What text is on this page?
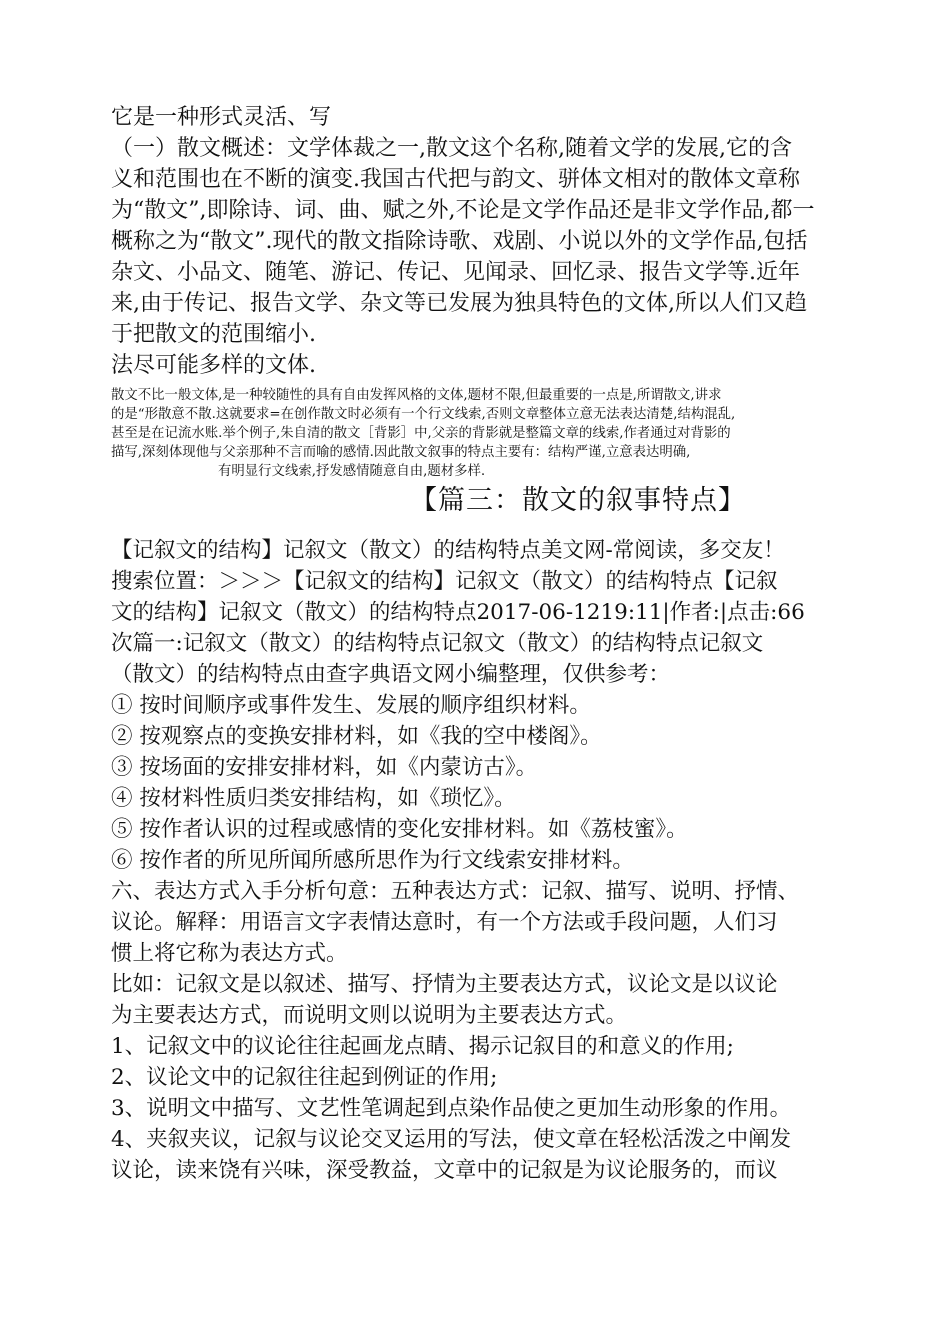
它是一种形式灵活、写
（一）散文概述：文学体裁之一,散文这个名称,随着文学的发展,它的含
义和范围也在不断的演变.我国古代把与韵文、骈体文相对的散体文章称
为“散文”,即除诗、词、曲、赋之外,不论是文学作品还是非文学作品,都一
概称之为“散文”.现代的散文指除诗歌、戏剧、小说以外的文学作品,包括
杂文、小品文、随笔、游记、传记、见闻录、回忆录、报告文学等.近年
来,由于传记、报告文学、杂文等已发展为独具特色的文体,所以人们又趋
于把散文的范围缩小.
法尽可能多样的文体.
散文不比一般文体,是一种较随性的具有自由发挥风格的文体,题材不限,但最重要的一点是,所谓散文,讲求
的是“形散意不散.这就要求=在创作散文时必须有一个行文线索,否则文章整体立意无法表达清楚,结构混乱,
甚至是在记流水账.举个例子,朱自清的散文［背影］中,父亲的背影就是整篇文章的线索,作者通过对背影的
描写,深刻体现他与父亲那种不言而喻的感情.因此散文叙事的特点主要有：结构严谨,立意表达明确,
有明显行文线索,抒发感情随意自由,题材多样.
【篇三：散文的叙事特点】
【记叙文的结构】记叙文（散文）的结构特点美文网-常阅读，多交友！
搜索位置：＞＞＞【记叙文的结构】记叙文（散文）的结构特点【记叙
文的结构】记叙文（散文）的结构特点2017-06-1219:11|作者:|点击:66
次篇一:记叙文（散文）的结构特点记叙文（散文）的结构特点记叙文
（散文）的结构特点由查字典语文网小编整理，仅供参考：
① 按时间顺序或事件发生、发展的顺序组织材料。
② 按观察点的变换安排材料，如《我的空中楼阁》。
③ 按场面的安排安排材料，如《内蒙访古》。
④ 按材料性质归类安排结构，如《琐忆》。
⑤ 按作者认识的过程或感情的变化安排材料。如《荔枝蜜》。
⑥ 按作者的所见所闻所感所思作为行文线索安排材料。
六、表达方式入手分析句意：五种表达方式：记叙、描写、说明、抒情、
议论。解释：用语言文字表情达意时，有一个方法或手段问题，人们习
惯上将它称为表达方式。
比如：记叙文是以叙述、描写、抒情为主要表达方式，议论文是以议论
为主要表达方式，而说明文则以说明为主要表达方式。
1、记叙文中的议论往往起画龙点睛、揭示记叙目的和意义的作用;
2、议论文中的记叙往往起到例证的作用;
3、说明文中描写、文艺性笔调起到点染作品使之更加生动形象的作用。
4、夹叙夹议，记叙与议论交叉运用的写法，使文章在轻松活泼之中阐发
议论，读来饶有兴味，深受教益，文章中的记叙是为议论服务的，而议
